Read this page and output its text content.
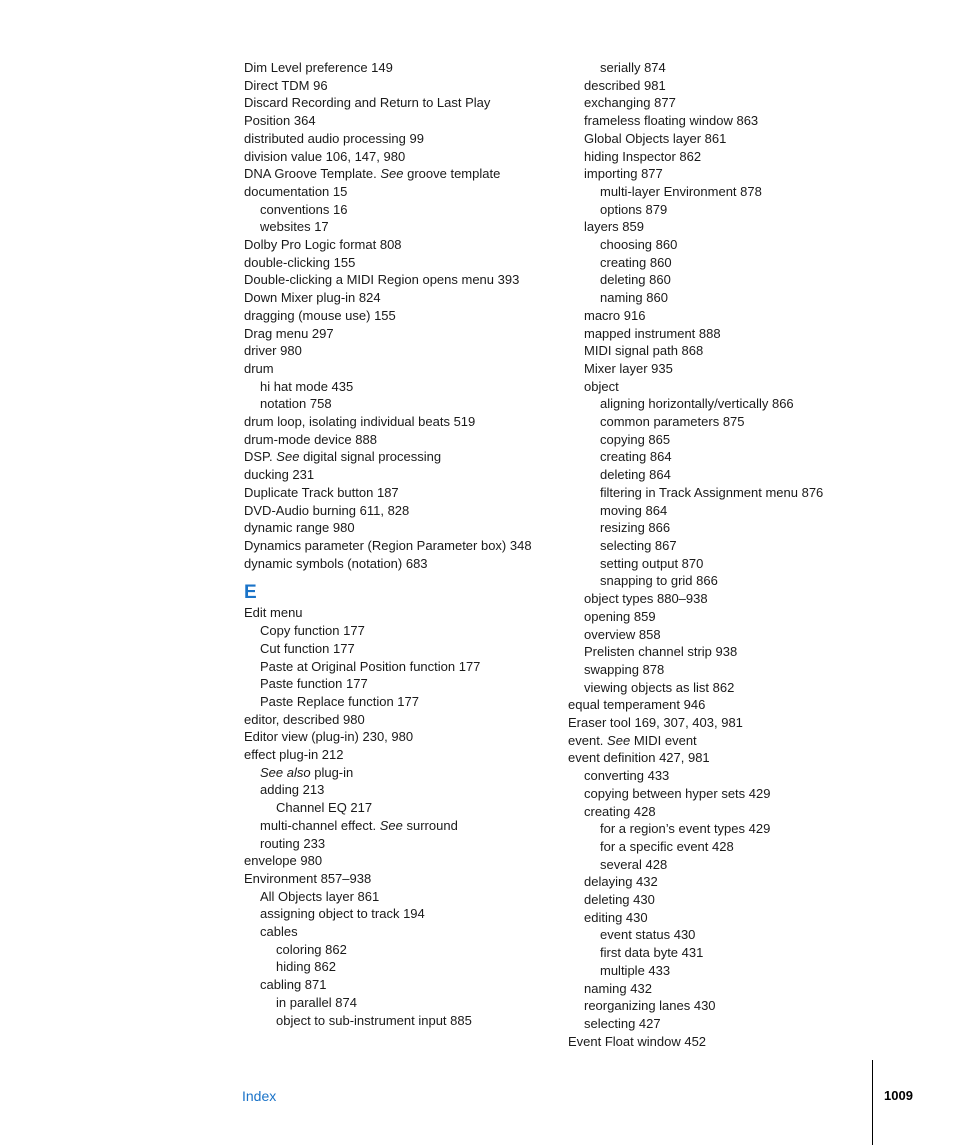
Dim Level preference 149
Direct TDM 96
Discard Recording and Return to Last Play
Position 364
distributed audio processing 99
division value 106, 147, 980
DNA Groove Template. See groove template
documentation 15
conventions 16
websites 17
Dolby Pro Logic format 808
double-clicking 155
Double-clicking a MIDI Region opens menu 393
Down Mixer plug-in 824
dragging (mouse use) 155
Drag menu 297
driver 980
drum
hi hat mode 435
notation 758
drum loop, isolating individual beats 519
drum-mode device 888
DSP. See digital signal processing
ducking 231
Duplicate Track button 187
DVD-Audio burning 611, 828
dynamic range 980
Dynamics parameter (Region Parameter box) 348
dynamic symbols (notation) 683
E
Edit menu
Copy function 177
Cut function 177
Paste at Original Position function 177
Paste function 177
Paste Replace function 177
editor, described 980
Editor view (plug-in) 230, 980
effect plug-in 212
See also plug-in
adding 213
Channel EQ 217
multi-channel effect. See surround
routing 233
envelope 980
Environment 857–938
All Objects layer 861
assigning object to track 194
cables
coloring 862
hiding 862
cabling 871
in parallel 874
object to sub-instrument input 885
serially 874
described 981
exchanging 877
frameless floating window 863
Global Objects layer 861
hiding Inspector 862
importing 877
multi-layer Environment 878
options 879
layers 859
choosing 860
creating 860
deleting 860
naming 860
macro 916
mapped instrument 888
MIDI signal path 868
Mixer layer 935
object
aligning horizontally/vertically 866
common parameters 875
copying 865
creating 864
deleting 864
filtering in Track Assignment menu 876
moving 864
resizing 866
selecting 867
setting output 870
snapping to grid 866
object types 880–938
opening 859
overview 858
Prelisten channel strip 938
swapping 878
viewing objects as list 862
equal temperament 946
Eraser tool 169, 307, 403, 981
event. See MIDI event
event definition 427, 981
converting 433
copying between hyper sets 429
creating 428
for a region’s event types 429
for a specific event 428
several 428
delaying 432
deleting 430
editing 430
event status 430
first data byte 431
multiple 433
naming 432
reorganizing lanes 430
selecting 427
Event Float window 452
Index	1009
